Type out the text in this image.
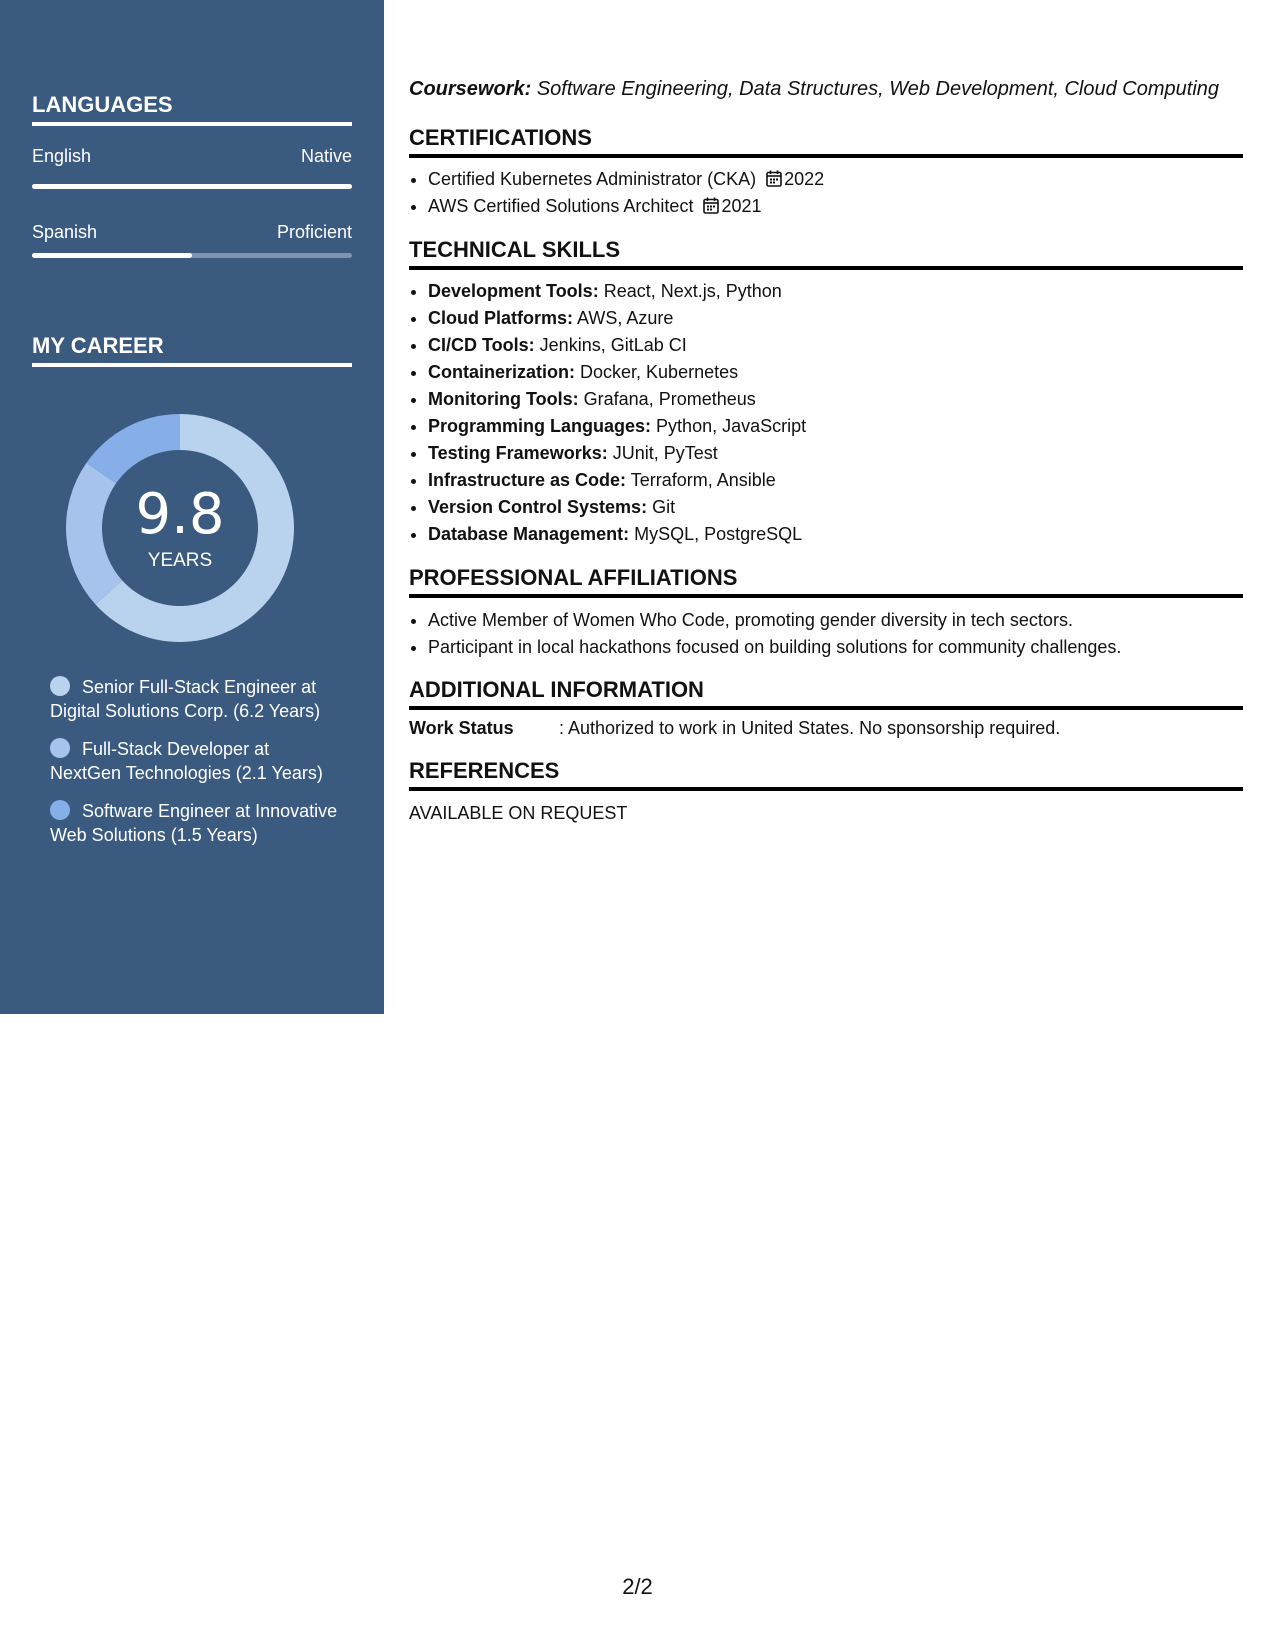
LANGUAGES
English	Native
Spanish	Proficient
MY CAREER
9.8
YEARS
Senior Full-Stack Engineer at Digital Solutions Corp. (6.2 Years)
Full-Stack Developer at NextGen Technologies (2.1 Years)
Software Engineer at Innovative Web Solutions (1.5 Years)
Coursework: Software Engineering, Data Structures, Web Development, Cloud Computing
CERTIFICATIONS
• Certified Kubernetes Administrator (CKA) 2022
• AWS Certified Solutions Architect 2021
TECHNICAL SKILLS
• Development Tools: React, Next.js, Python
• Cloud Platforms: AWS, Azure
• CI/CD Tools: Jenkins, GitLab CI
• Containerization: Docker, Kubernetes
• Monitoring Tools: Grafana, Prometheus
• Programming Languages: Python, JavaScript
• Testing Frameworks: JUnit, PyTest
• Infrastructure as Code: Terraform, Ansible
• Version Control Systems: Git
• Database Management: MySQL, PostgreSQL
PROFESSIONAL AFFILIATIONS
• Active Member of Women Who Code, promoting gender diversity in tech sectors.
• Participant in local hackathons focused on building solutions for community challenges.
ADDITIONAL INFORMATION
Work Status	: Authorized to work in United States. No sponsorship required.
REFERENCES
AVAILABLE ON REQUEST
2/2
